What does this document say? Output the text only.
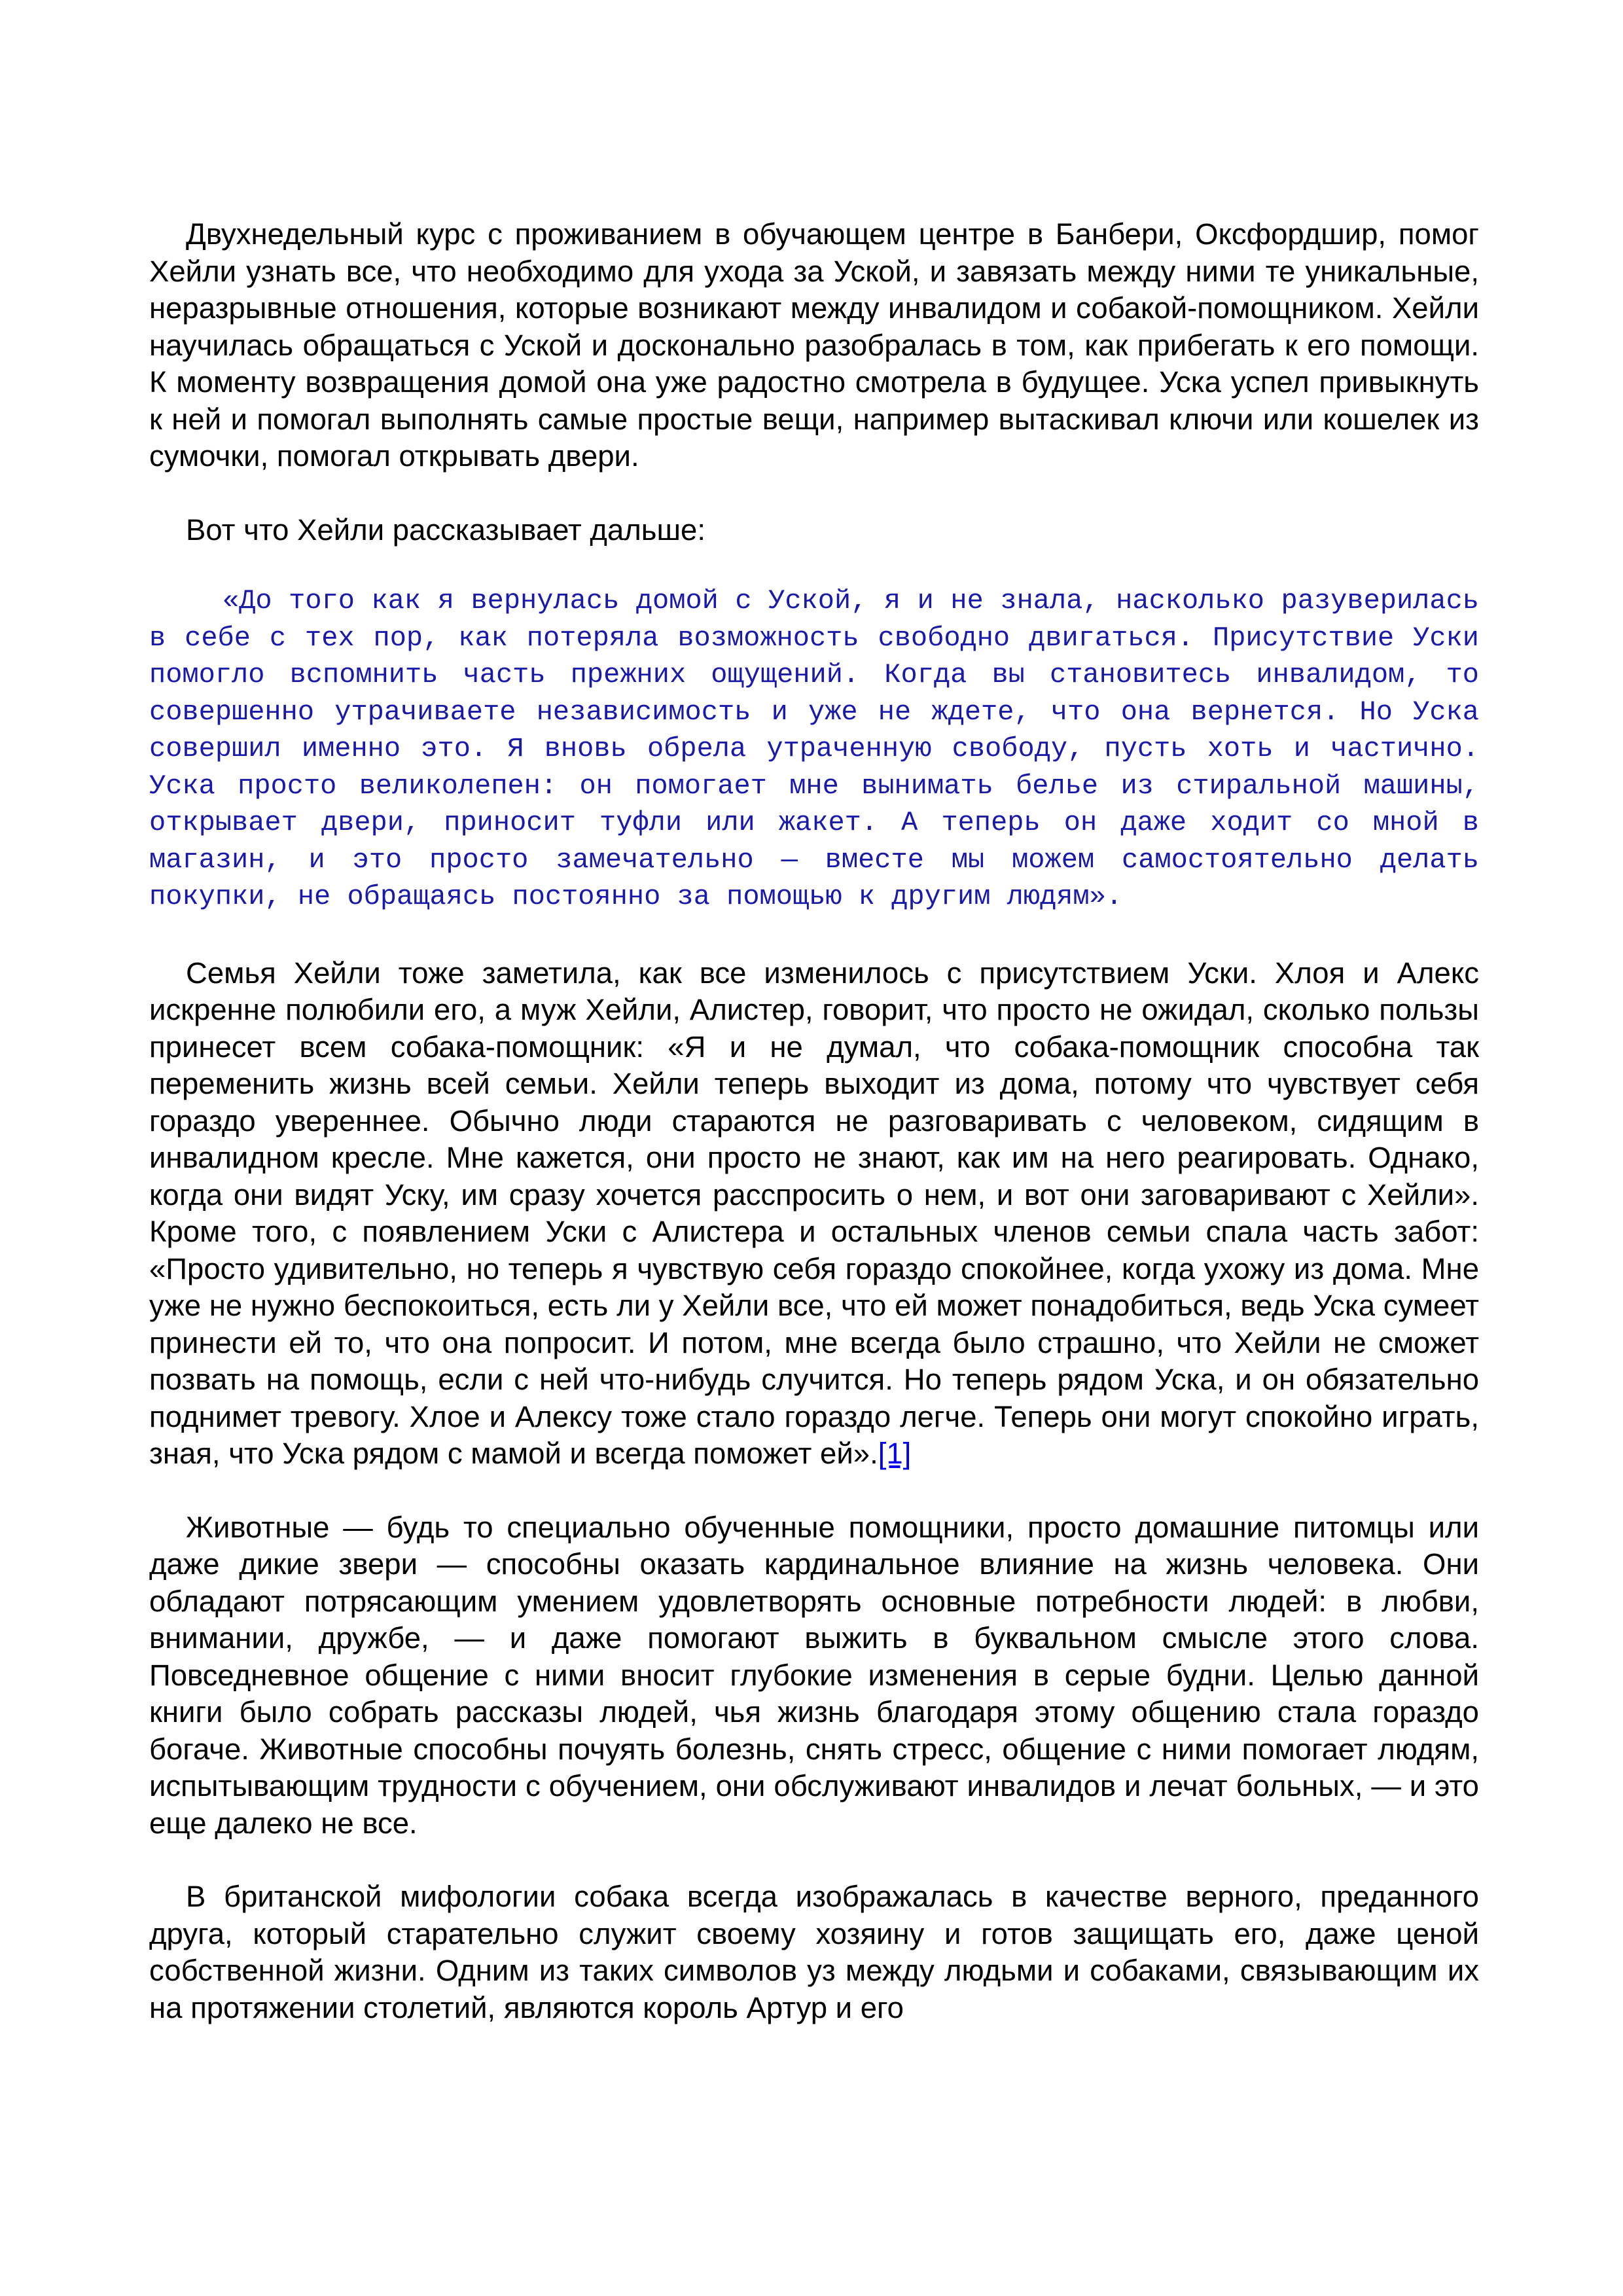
Двухнедельный курс с проживанием в обучающем центре в Банбери, Оксфордшир, помог Хейли узнать все, что необходимо для ухода за Ускoй, и завязать между ними те уникальные, неразрывные отношения, которые возникают между инвалидом и собакой-помощником. Хейли научилась обращаться с Ускoй и досконально разобралась в том, как прибегать к его помощи. К моменту возвращения домой она уже радостно смотрела в будущее. Уска успел привыкнуть к ней и помогал выполнять самые простые вещи, например вытаскивал ключи или кошелек из сумочки, помогал открывать двери.

Вот что Хейли рассказывает дальше:

«До того как я вернулась домой с Ускoй, я и не знала, насколько разуверилась в себе с тех пор, как потеряла возможность свободно двигаться. Присутствие Уски помогло вспомнить часть прежних ощущений. Когда вы становитесь инвалидом, то совершенно утрачиваете независимость и уже не ждете, что она вернется. Но Уска совершил именно это. Я вновь обрела утраченную свободу, пусть хоть и частично. Уска просто великолепен: он помогает мне вынимать белье из стиральной машины, открывает двери, приносит туфли или жакет. А теперь он даже ходит со мной в магазин, и это просто замечательно — вместе мы можем самостоятельно делать покупки, не обращаясь постоянно за помощью к другим людям».

Семья Хейли тоже заметила, как все изменилось с присутствием Уски. Хлоя и Алекс искренне полюбили его, а муж Хейли, Алистер, говорит, что просто не ожидал, сколько пользы принесет всем собака-помощник: «Я и не думал, что собака-помощник способна так переменить жизнь всей семьи. Хейли теперь выходит из дома, потому что чувствует себя гораздо увереннее. Обычно люди стараются не разговаривать с человеком, сидящим в инвалидном кресле. Мне кажется, они просто не знают, как им на него реагировать. Однако, когда они видят Уску, им сразу хочется расспросить о нем, и вот они заговаривают с Хейли». Кроме того, с появлением Уски с Алистера и остальных членов семьи спала часть забот: «Просто удивительно, но теперь я чувствую себя гораздо спокойнее, когда ухожу из дома. Мне уже не нужно беспокоиться, есть ли у Хейли все, что ей может понадобиться, ведь Уска сумеет принести ей то, что она попросит. И потом, мне всегда было страшно, что Хейли не сможет позвать на помощь, если с ней что-нибудь случится. Но теперь рядом Уска, и он обязательно поднимет тревогу. Хлое и Алексу тоже стало гораздо легче. Теперь они могут спокойно играть, зная, что Уска рядом с мамой и всегда поможет ей».[1]

Животные — будь то специально обученные помощники, просто домашние питомцы или даже дикие звери — способны оказать кардинальное влияние на жизнь человека. Они обладают потрясающим умением удовлетворять основные потребности людей: в любви, внимании, дружбе, — и даже помогают выжить в буквальном смысле этого слова. Повседневное общение с ними вносит глубокие изменения в серые будни. Целью данной книги было собрать рассказы людей, чья жизнь благодаря этому общению стала гораздо богаче. Животные способны почуять болезнь, снять стресс, общение с ними помогает людям, испытывающим трудности с обучением, они обслуживают инвалидов и лечат больных, — и это еще далеко не все.

В британской мифологии собака всегда изображалась в качестве верного, преданного друга, который старательно служит своему хозяину и готов защищать его, даже ценой собственной жизни. Одним из таких символов уз между людьми и собаками, связывающим их на протяжении столетий, являются король Артур и его
